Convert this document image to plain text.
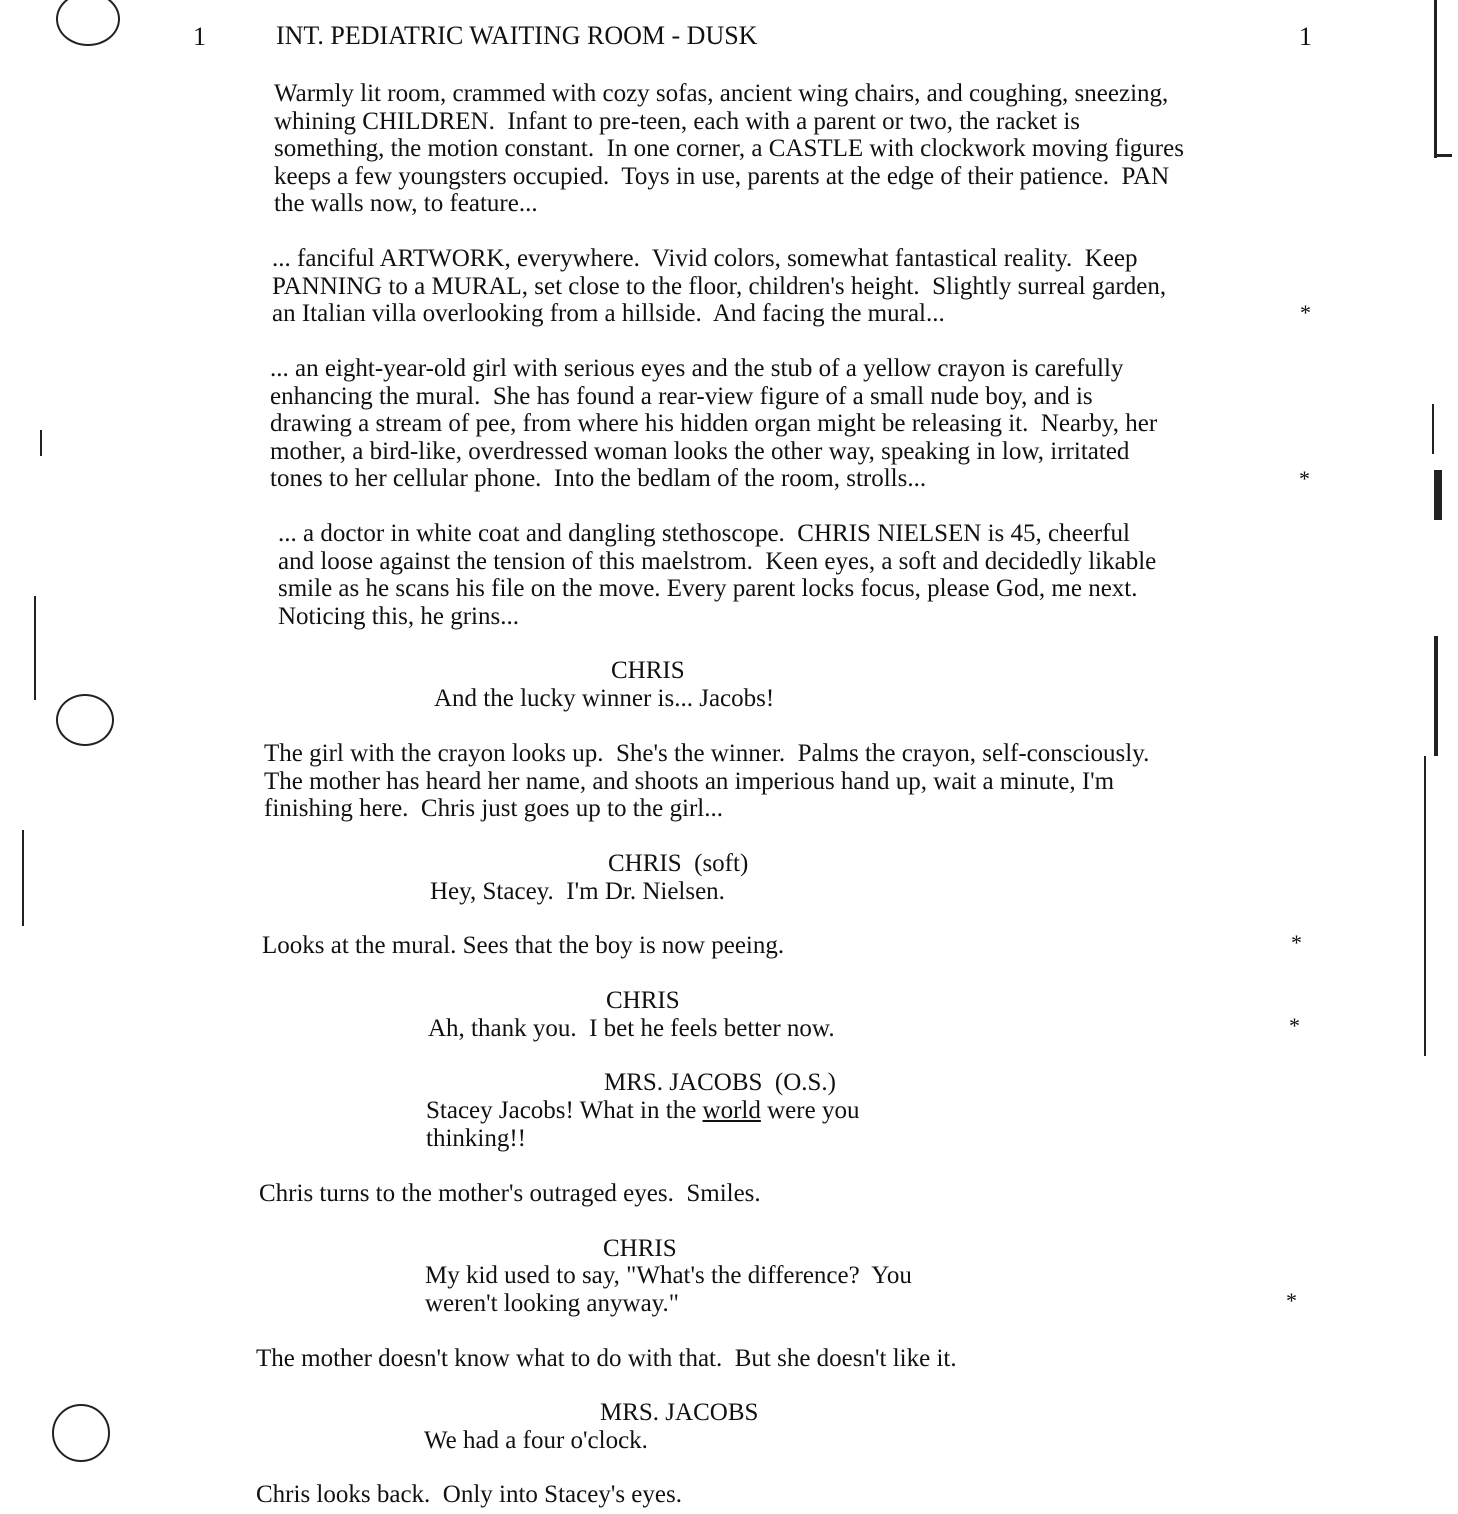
1	INT. PEDIATRIC WAITING ROOM - DUSK	1
Warmly lit room, crammed with cozy sofas, ancient wing chairs, and coughing, sneezing,
whining CHILDREN.  Infant to pre-teen, each with a parent or two, the racket is
something, the motion constant.  In one corner, a CASTLE with clockwork moving figures
keeps a few youngsters occupied.  Toys in use, parents at the edge of their patience.  PAN
the walls now, to feature...
... fanciful ARTWORK, everywhere.  Vivid colors, somewhat fantastical reality.  Keep
PANNING to a MURAL, set close to the floor, children's height.  Slightly surreal garden,
an Italian villa overlooking from a hillside.  And facing the mural...
... an eight-year-old girl with serious eyes and the stub of a yellow crayon is carefully
enhancing the mural.  She has found a rear-view figure of a small nude boy, and is
drawing a stream of pee, from where his hidden organ might be releasing it.  Nearby, her
mother, a bird-like, overdressed woman looks the other way, speaking in low, irritated
tones to her cellular phone.  Into the bedlam of the room, strolls...
... a doctor in white coat and dangling stethoscope.  CHRIS NIELSEN is 45, cheerful
and loose against the tension of this maelstrom.  Keen eyes, a soft and decidedly likable
smile as he scans his file on the move. Every parent locks focus, please God, me next.
Noticing this, he grins...
CHRIS
And the lucky winner is... Jacobs!
The girl with the crayon looks up.  She's the winner.  Palms the crayon, self-consciously.
The mother has heard her name, and shoots an imperious hand up, wait a minute, I'm
finishing here.  Chris just goes up to the girl...
CHRIS  (soft)
Hey, Stacey.  I'm Dr. Nielsen.
Looks at the mural. Sees that the boy is now peeing.
CHRIS
Ah, thank you.  I bet he feels better now.
MRS. JACOBS  (O.S.)
Stacey Jacobs! What in the world were you
thinking!!
Chris turns to the mother's outraged eyes.  Smiles.
CHRIS
My kid used to say, "What's the difference?  You
weren't looking anyway."
The mother doesn't know what to do with that.  But she doesn't like it.
MRS. JACOBS
We had a four o'clock.
Chris looks back.  Only into Stacey's eyes.
*
*
*
*
*
